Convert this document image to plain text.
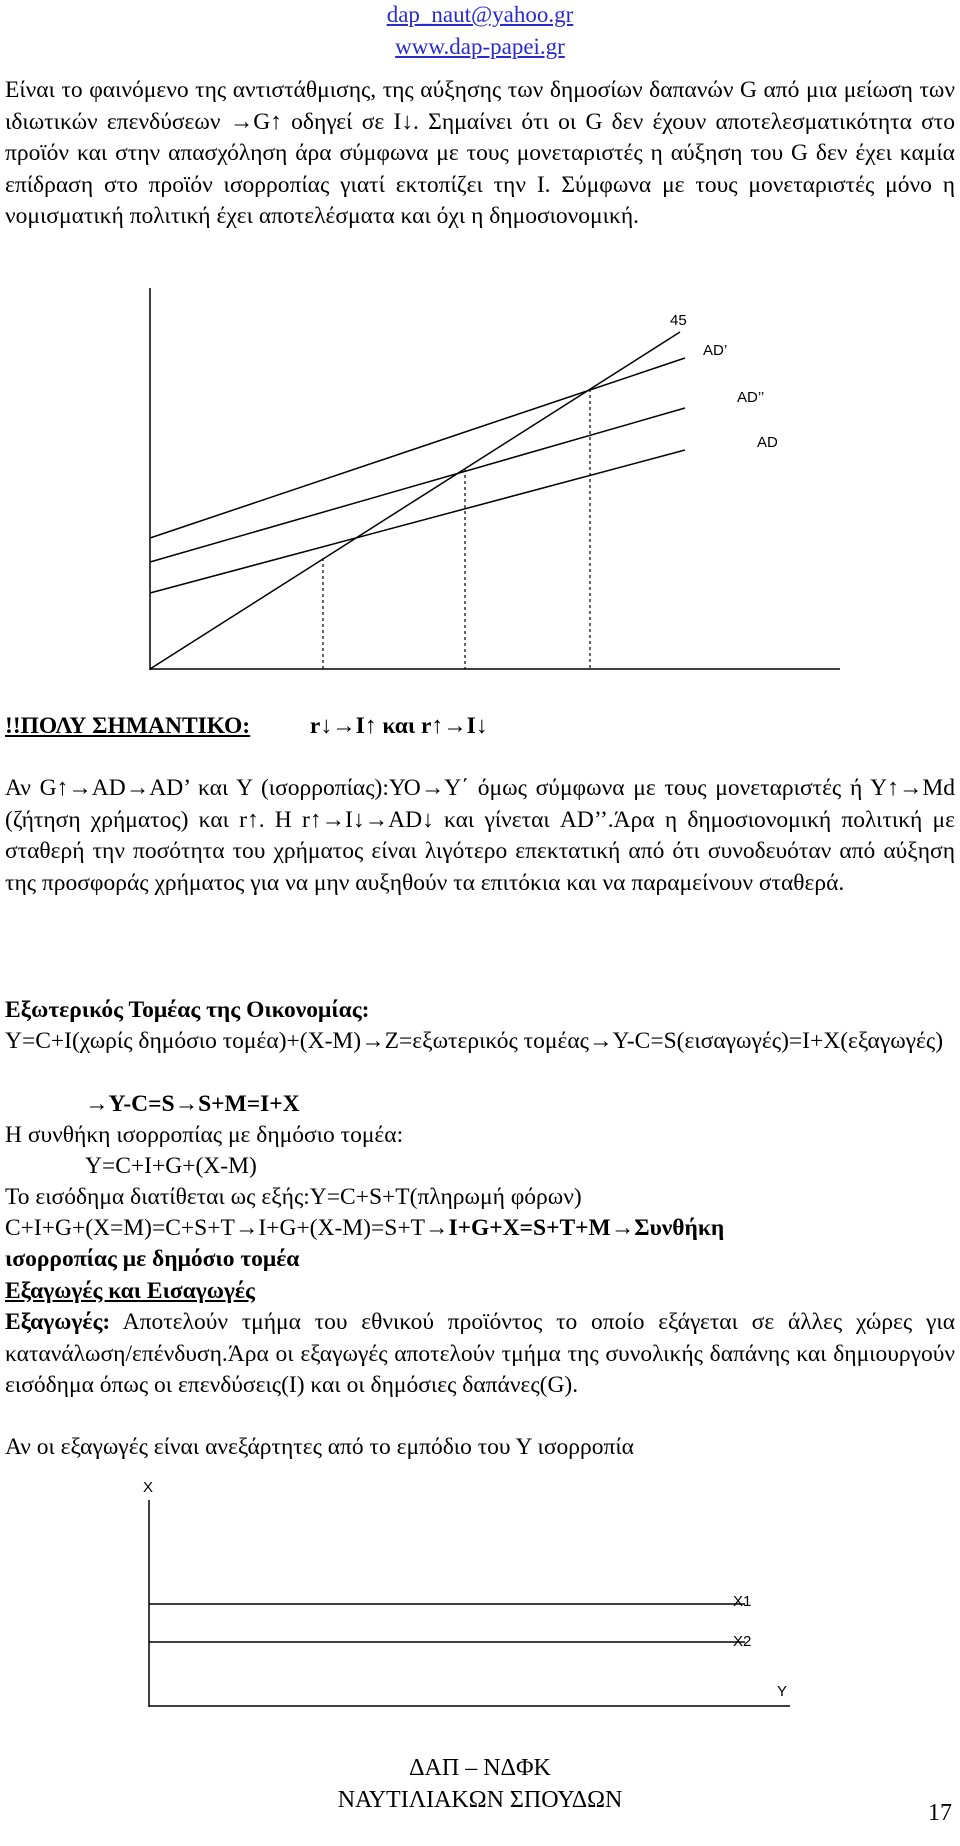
dap_naut@yahoo.gr
www.dap-papei.gr

Είναι το φαινόμενο της αντιστάθμισης, της αύξησης των δημοσίων δαπανών G από μια μείωση των ιδιωτικών επενδύσεων →G↑ οδηγεί σε Ι↓. Σημαίνει ότι οι G δεν έχουν αποτελεσματικότητα στο προϊόν και στην απασχόληση άρα σύμφωνα με τους μονεταριστές η αύξηση του G δεν έχει καμία επίδραση στο προϊόν ισορροπίας γιατί εκτοπίζει την Ι. Σύμφωνα με τους μονεταριστές μόνο η νομισματική πολιτική έχει αποτελέσματα και όχι η δημοσιονομική.

45
AD’
AD’’
AD
!!ΠΟΛΥ ΣΗΜΑΝΤΙΚΟ:	r↓→I↑ και r↑→I↓

Αν G↑→AD→AD’ και Υ (ισορροπίας):ΥΟ→Υ΄ όμως σύμφωνα με τους μονεταριστές ή Υ↑→Md (ζήτηση χρήματος) και r↑. Η r↑→I↓→AD↓ και γίνεται AD’’.Άρα η δημοσιονομική πολιτική με σταθερή την ποσότητα του χρήματος είναι λιγότερο επεκτατική από ότι συνοδευόταν από αύξηση της προσφοράς χρήματος για να μην αυξηθούν τα επιτόκια και να παραμείνουν σταθερά.

Εξωτερικός Τομέας της Οικονομίας:

Y=C+I(χωρίς δημόσιο τομέα)+(Χ-Μ)→Ζ=εξωτερικός τομέας→Υ-C=S(εισαγωγές)=Ι+Χ(εξαγωγές)

→Y-C=S→S+M=I+X
Η συνθήκη ισορροπίας με δημόσιο τομέα:
Y=C+I+G+(X-M)
Το εισόδημα διατίθεται ως εξής:Υ=C+S+T(πληρωμή φόρων)
C+I+G+(X=M)=C+S+T→I+G+(X-M)=S+T→I+G+X=S+T+M→Συνθήκη
ισορροπίας με δημόσιο τομέα
Εξαγωγές και Εισαγωγές

Εξαγωγές: Αποτελούν τμήμα του εθνικού προϊόντος το οποίο εξάγεται σε άλλες χώρες για κατανάλωση/επένδυση.Άρα οι εξαγωγές αποτελούν τμήμα της συνολικής δαπάνης και δημιουργούν εισόδημα όπως οι επενδύσεις(Ι) και οι δημόσιες δαπάνες(G).

Αν οι εξαγωγές είναι ανεξάρτητες από το εμπόδιο του Υ ισορροπία
X
X1
X2
Y
ΔΑΠ – ΝΔΦΚ
ΝΑΥΤΙΛΙΑΚΩΝ ΣΠΟΥΔΩΝ	17
